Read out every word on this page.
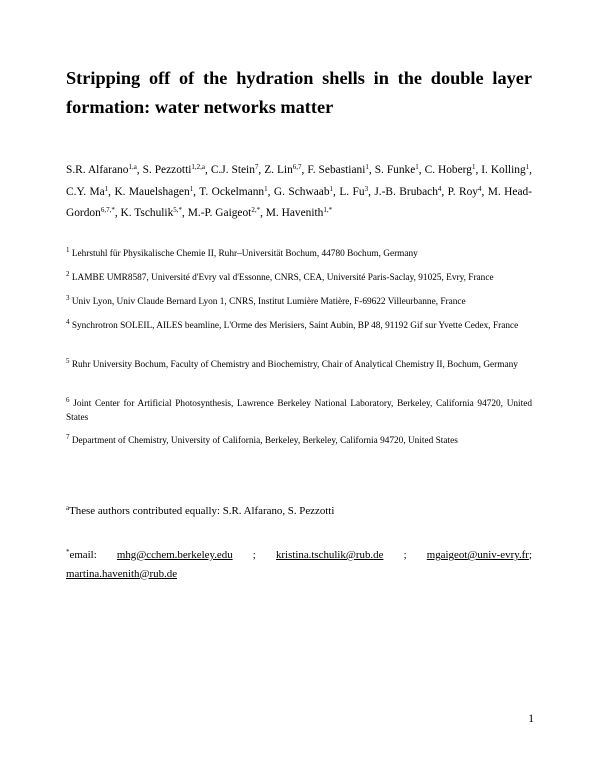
Stripping off of the hydration shells in the double layer formation: water networks matter

S.R. Alfarano$^{1,a}$, S. Pezzotti$^{1,2,a}$, C.J. Stein$^7$, Z. Lin$^{6,7}$, F. Sebastiani$^1$, S. Funke$^1$, C. Hoberg$^1$, I. Kolling$^1$, C.Y. Ma$^1$, K. Mauelshagen$^1$, T. Ockelmann$^1$, G. Schwaab$^1$, L. Fu$^3$, J.-B. Brubach$^4$, P. Roy$^4$, M. Head-Gordon$^{6,7,*}$, K. Tschulik$^{5,*}$, M.-P. Gaigeot$^{2,*}$, M. Havenith$^{1,*}$

$^1$ Lehrstuhl für Physikalische Chemie II, Ruhr–Universität Bochum, 44780 Bochum, Germany

$^2$ LAMBE UMR8587, Université d'Evry val d'Essonne, CNRS, CEA, Université Paris-Saclay, 91025, Evry, France

$^3$ Univ Lyon, Univ Claude Bernard Lyon 1, CNRS, Institut Lumière Matière, F-69622 Villeurbanne, France

$^4$ Synchrotron SOLEIL, AILES beamline, L'Orme des Merisiers, Saint Aubin, BP 48, 91192 Gif sur Yvette Cedex, France

$^5$ Ruhr University Bochum, Faculty of Chemistry and Biochemistry, Chair of Analytical Chemistry II, Bochum, Germany

$^6$ Joint Center for Artificial Photosynthesis, Lawrence Berkeley National Laboratory, Berkeley, California 94720, United States

$^7$ Department of Chemistry, University of California, Berkeley, Berkeley, California 94720, United States

$^a$These authors contributed equally: S.R. Alfarano, S. Pezzotti

*email: mhg@cchem.berkeley.edu ; kristina.tschulik@rub.de ; mgaigeot@univ-evry.fr;
martina.havenith@rub.de
1
